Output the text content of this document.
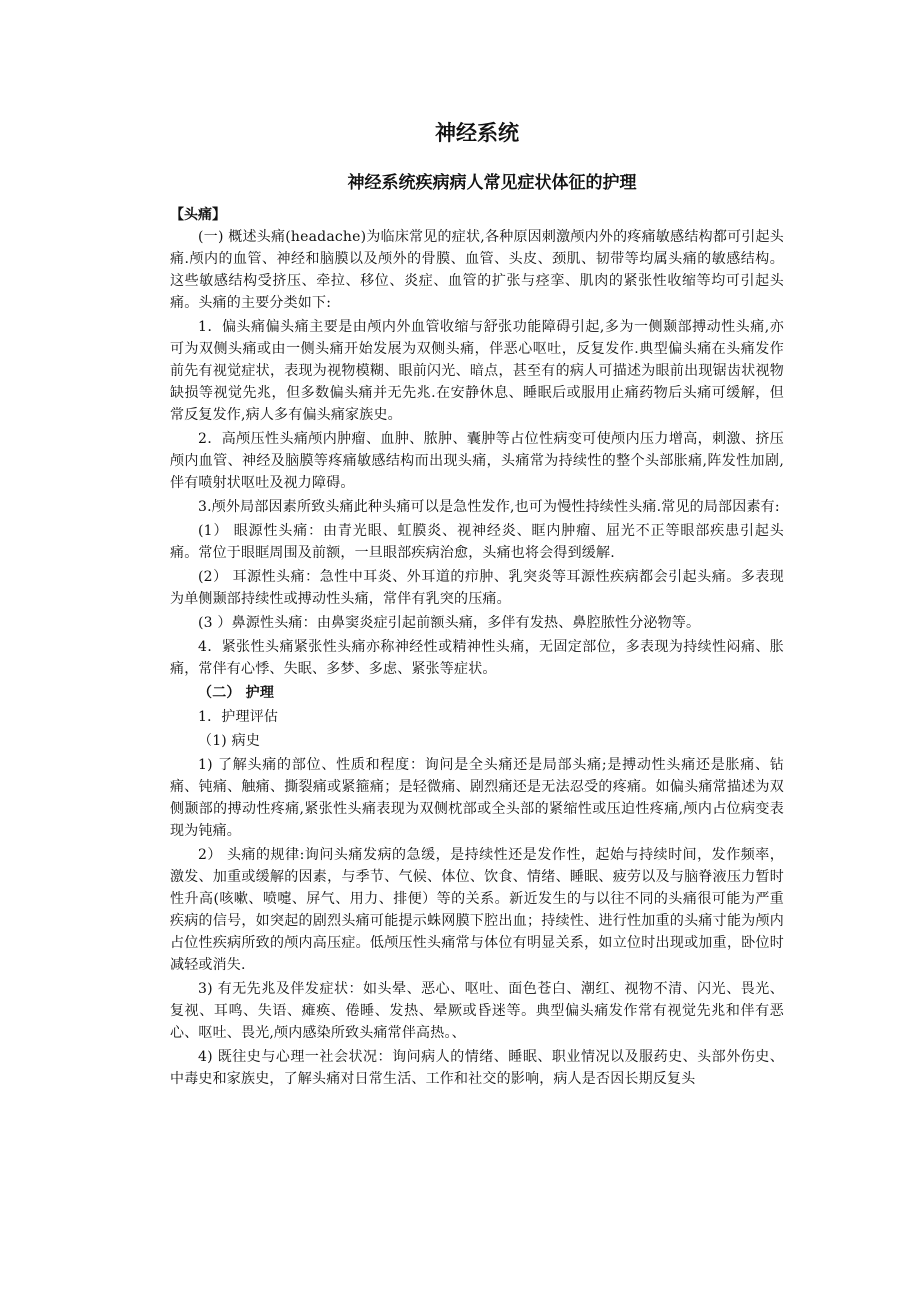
神经系统
神经系统疾病病人常见症状体征的护理
【头痛】

(一) 概述头痛(headache)为临床常见的症状,各种原因刺激颅内外的疼痛敏感结构都可引起头痛.颅内的血管、神经和脑膜以及颅外的骨膜、血管、头皮、颈肌、韧带等均属头痛的敏感结构。这些敏感结构受挤压、牵拉、移位、炎症、血管的扩张与痉挛、肌肉的紧张性收缩等均可引起头痛。头痛的主要分类如下:

1．偏头痛偏头痛主要是由颅内外血管收缩与舒张功能障碍引起,多为一侧颞部搏动性头痛,亦可为双侧头痛或由一侧头痛开始发展为双侧头痛，伴恶心呕吐，反复发作.典型偏头痛在头痛发作前先有视觉症状，表现为视物模糊、眼前闪光、暗点，甚至有的病人可描述为眼前出现锯齿状视物缺损等视觉先兆，但多数偏头痛并无先兆.在安静休息、睡眠后或服用止痛药物后头痛可缓解，但常反复发作,病人多有偏头痛家族史。

2．高颅压性头痛颅内肿瘤、血肿、脓肿、囊肿等占位性病变可使颅内压力增高，刺激、挤压颅内血管、神经及脑膜等疼痛敏感结构而出现头痛，头痛常为持续性的整个头部胀痛,阵发性加剧,伴有喷射状呕吐及视力障碍。

3.颅外局部因素所致头痛此种头痛可以是急性发作,也可为慢性持续性头痛.常见的局部因素有:

(1） 眼源性头痛：由青光眼、虹膜炎、视神经炎、眶内肿瘤、屈光不正等眼部疾患引起头痛。常位于眼眶周围及前额，一旦眼部疾病治愈，头痛也将会得到缓解.

(2） 耳源性头痛：急性中耳炎、外耳道的疖肿、乳突炎等耳源性疾病都会引起头痛。多表现为单侧颞部持续性或搏动性头痛，常伴有乳突的压痛。

(3 ）鼻源性头痛：由鼻窦炎症引起前额头痛，多伴有发热、鼻腔脓性分泌物等。

4．紧张性头痛紧张性头痛亦称神经性或精神性头痛，无固定部位，多表现为持续性闷痛、胀痛，常伴有心悸、失眠、多梦、多虑、紧张等症状。

（二） 护理

1．护理评估

（1) 病史

1) 了解头痛的部位、性质和程度：询问是全头痛还是局部头痛;是搏动性头痛还是胀痛、钻痛、钝痛、触痛、撕裂痛或紧箍痛；是轻微痛、剧烈痛还是无法忍受的疼痛。如偏头痛常描述为双侧颞部的搏动性疼痛,紧张性头痛表现为双侧枕部或全头部的紧缩性或压迫性疼痛,颅内占位病变表现为钝痛。

2） 头痛的规律:询问头痛发病的急缓，是持续性还是发作性，起始与持续时间，发作频率，激发、加重或缓解的因素，与季节、气候、体位、饮食、情绪、睡眠、疲劳以及与脑脊液压力暂时性升高(咳嗽、喷嚏、屏气、用力、排便）等的关系。新近发生的与以往不同的头痛很可能为严重疾病的信号，如突起的剧烈头痛可能提示蛛网膜下腔出血；持续性、进行性加重的头痛寸能为颅内占位性疾病所致的颅内高压症。低颅压性头痛常与体位有明显关系，如立位时出现或加重，卧位时减轻或消失.

3) 有无先兆及伴发症状：如头晕、恶心、呕吐、面色苍白、潮红、视物不清、闪光、畏光、复视、耳鸣、失语、瘫痪、倦睡、发热、晕厥或昏迷等。典型偏头痛发作常有视觉先兆和伴有恶心、呕吐、畏光,颅内感染所致头痛常伴高热。、

4) 既往史与心理一社会状况：询问病人的情绪、睡眠、职业情况以及服药史、头部外伤史、中毒史和家族史，了解头痛对日常生活、工作和社交的影响，病人是否因长期反复头
